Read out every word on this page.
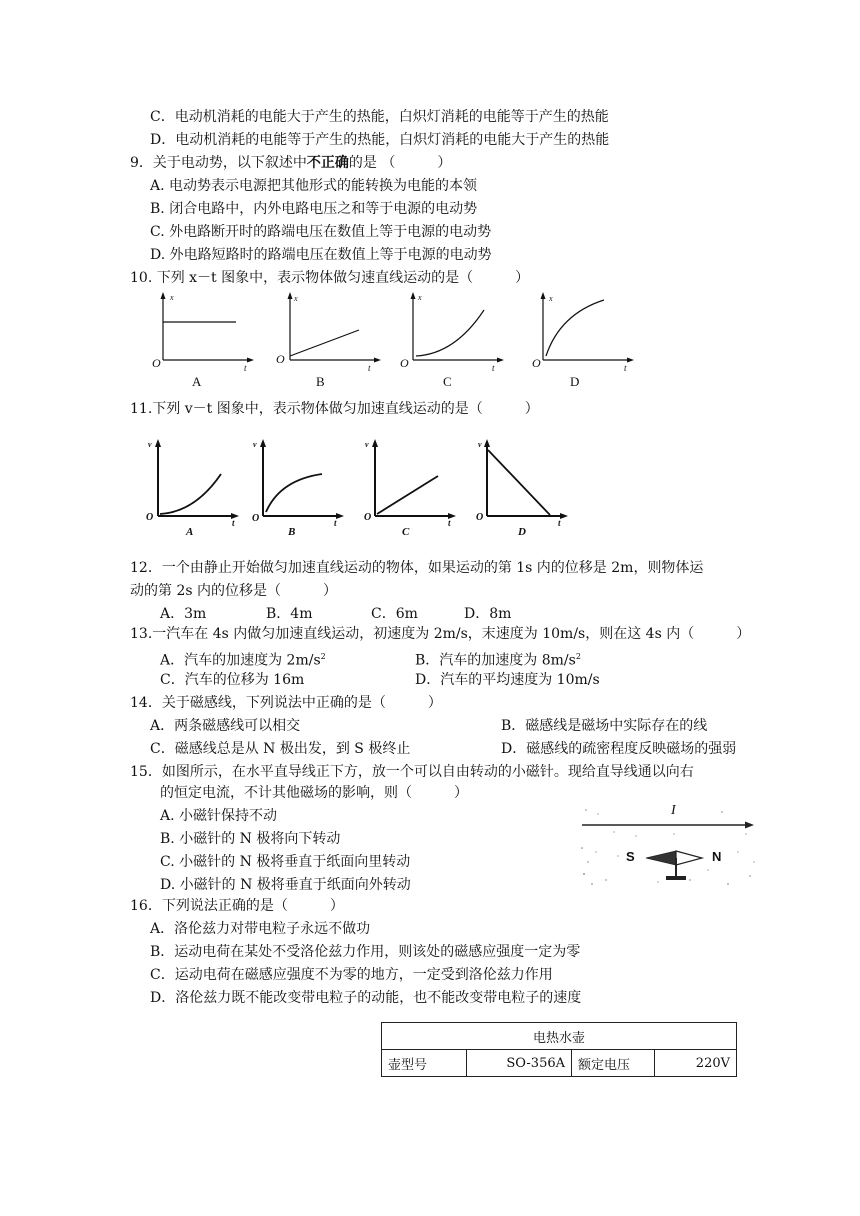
C．电动机消耗的电能大于产生的热能，白炽灯消耗的电能等于产生的热能
D．电动机消耗的电能等于产生的热能，白炽灯消耗的电能大于产生的热能
9．关于电动势，以下叙述中不正确的是 （　　　）
A. 电动势表示电源把其他形式的能转换为电能的本领
B. 闭合电路中，内外电路电压之和等于电源的电动势
C. 外电路断开时的路端电压在数值上等于电源的电动势
D. 外电路短路时的路端电压在数值上等于电源的电动势
10. 下列 x－t 图象中，表示物体做匀速直线运动的是（　　　）
x
O	t
A
x
O
t
B
x
O	t
C
x
O	t
D
11.下列 v－t 图象中，表示物体做匀加速直线运动的是（　　　）
v
O	t
A
v
O	t
B
v
O	t
C
v
O	t
D
12．一个由静止开始做匀加速直线运动的物体，如果运动的第 1s 内的位移是 2m，则物体运
动的第 2s 内的位移是（　　　）
A．3m	B．4m	C．6m	D．8m
13.一汽车在 4s 内做匀加速直线运动，初速度为 2m/s，末速度为 10m/s，则在这 4s 内（　　　）
A．汽车的加速度为 $2m/s^2$	B．汽车的加速度为 $8m/s^2$
C．汽车的位移为 16m	D．汽车的平均速度为 10m/s
14．关于磁感线，下列说法中正确的是（　　　）
A．两条磁感线可以相交	B．磁感线是磁场中实际存在的线
C．磁感线总是从 N 极出发，到 S 极终止	D．磁感线的疏密程度反映磁场的强弱
15．如图所示，在水平直导线正下方，放一个可以自由转动的小磁针。现给直导线通以向右
的恒定电流，不计其他磁场的影响，则（　　　）
A. 小磁针保持不动
B. 小磁针的 N 极将向下转动
C. 小磁针的 N 极将垂直于纸面向里转动
D. 小磁针的 N 极将垂直于纸面向外转动
I
S	N
16．下列说法正确的是（　　　）
A．洛伦兹力对带电粒子永远不做功
B．运动电荷在某处不受洛伦兹力作用，则该处的磁感应强度一定为零
C．运动电荷在磁感应强度不为零的地方，一定受到洛伦兹力作用
D．洛伦兹力既不能改变带电粒子的动能，也不能改变带电粒子的速度
电热水壶
壶型号	SO-356A	额定电压	220V
